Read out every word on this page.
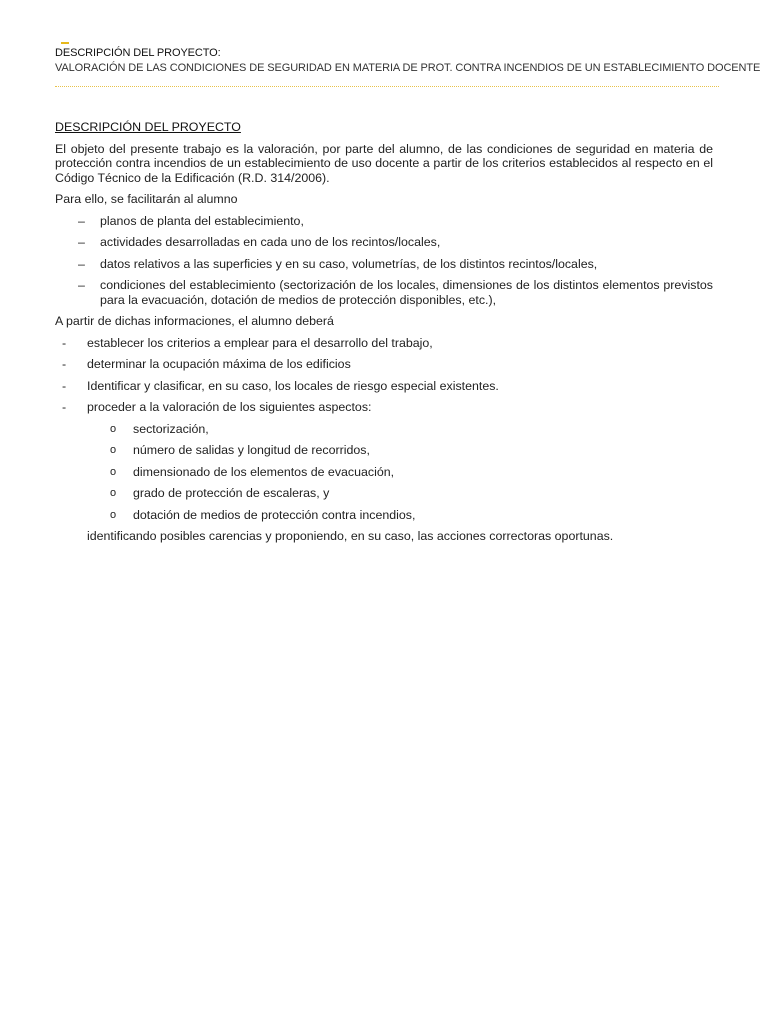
DESCRIPCIÓN DEL PROYECTO:
VALORACIÓN DE LAS CONDICIONES DE SEGURIDAD EN MATERIA DE PROT. CONTRA INCENDIOS DE UN ESTABLECIMIENTO DOCENTE
DESCRIPCIÓN DEL PROYECTO

El objeto del presente trabajo es la valoración, por parte del alumno, de las condiciones de seguridad en materia de protección contra incendios de un establecimiento de uso docente a partir de los criterios establecidos al respecto en el Código Técnico de la Edificación (R.D. 314/2006).

Para ello, se facilitarán al alumno

– planos de planta del establecimiento,
– actividades desarrolladas en cada uno de los recintos/locales,
– datos relativos a las superficies y en su caso, volumetrías, de los distintos recintos/locales,
– condiciones del establecimiento (sectorización de los locales, dimensiones de los distintos elementos previstos para la evacuación, dotación de medios de protección disponibles, etc.),

A partir de dichas informaciones, el alumno deberá

- establecer los criterios a emplear para el desarrollo del trabajo,
- determinar la ocupación máxima de los edificios
- Identificar y clasificar, en su caso, los locales de riesgo especial existentes.
- proceder a la valoración de los siguientes aspectos:
o sectorización,
o número de salidas y longitud de recorridos,
o dimensionado de los elementos de evacuación,
o grado de protección de escaleras, y
o dotación de medios de protección contra incendios,

identificando posibles carencias y proponiendo, en su caso, las acciones correctoras oportunas.
